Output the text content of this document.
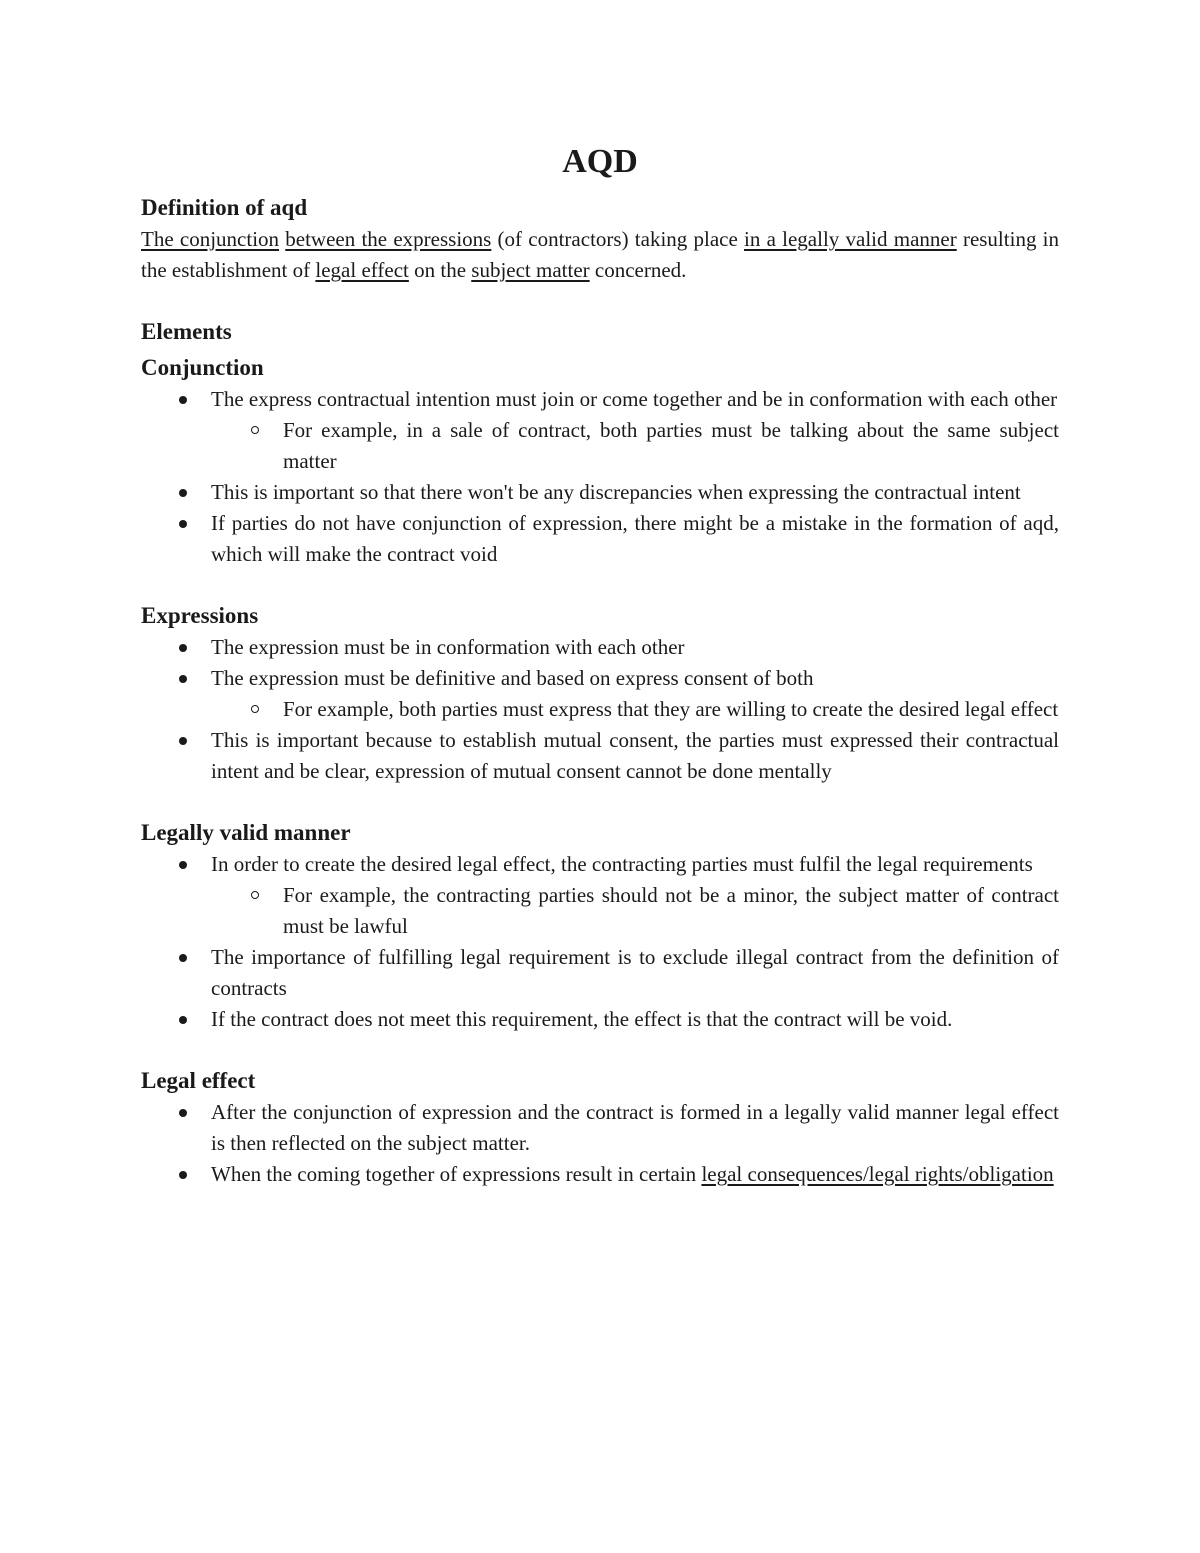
AQD
Definition of aqd

The conjunction between the expressions (of contractors) taking place in a legally valid manner resulting in the establishment of legal effect on the subject matter concerned.

Elements
Conjunction
The express contractual intention must join or come together and be in conformation with each other
For example, in a sale of contract, both parties must be talking about the same subject matter
This is important so that there won't be any discrepancies when expressing the contractual intent
If parties do not have conjunction of expression, there might be a mistake in the formation of aqd, which will make the contract void
Expressions
The expression must be in conformation with each other
The expression must be definitive and based on express consent of both
For example, both parties must express that they are willing to create the desired legal effect
This is important because to establish mutual consent, the parties must expressed their contractual intent and be clear, expression of mutual consent cannot be done mentally
Legally valid manner
In order to create the desired legal effect, the contracting parties must fulfil the legal requirements
For example, the contracting parties should not be a minor, the subject matter of contract must be lawful
The importance of fulfilling legal requirement is to exclude illegal contract from the definition of contracts
If the contract does not meet this requirement, the effect is that the contract will be void.
Legal effect
After the conjunction of expression and the contract is formed in a legally valid manner legal effect is then reflected on the subject matter.
When the coming together of expressions result in certain legal consequences/legal rights/obligation
